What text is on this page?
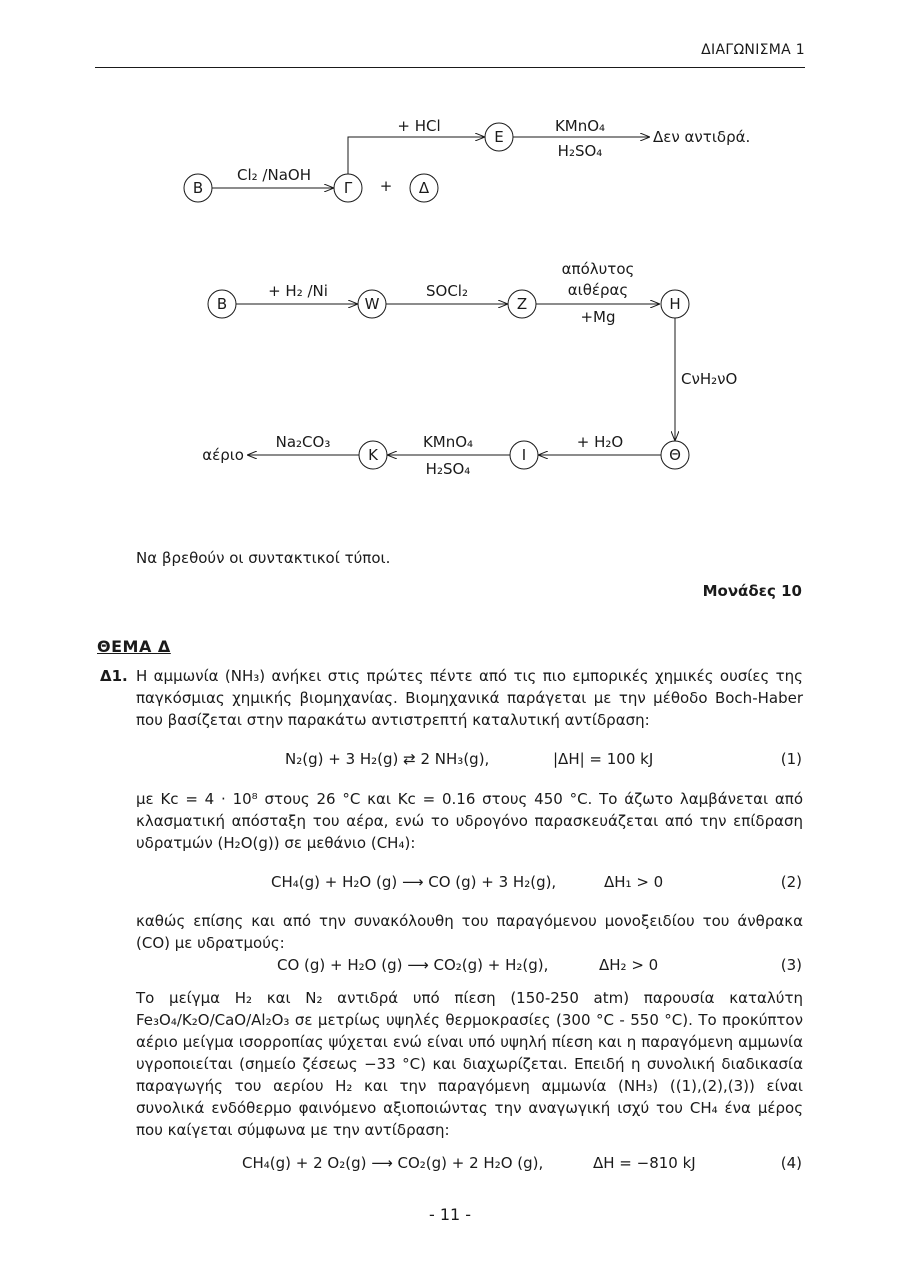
ΔΙΑΓΩΝΙΣΜΑ 1
B
Cl₂ /NaOH
Γ + Δ
+ HCl
E
KMnO₄
H₂SO₄
Δεν αντιδρά.
B
+ H₂ /Ni
W
SOCl₂
Z
απόλυτος
αιθέρας
+Mg
H
CνH₂νO
Θ
+ H₂O
I
KMnO₄
H₂SO₄
K
Na₂CO₃
αέριο
Να βρεθούν οι συντακτικοί τύποι.
Μονάδες 10
ΘΕΜΑ Δ
Δ1. Η αμμωνία (NH₃) ανήκει στις πρώτες πέντε από τις πιο εμπορικές χημικές ουσίες της παγκόσμιας χημικής βιομηχανίας. Βιομηχανικά παράγεται με την μέθοδο Boch-Haber που βασίζεται στην παρακάτω αντιστρεπτή καταλυτική αντίδραση:
N₂(g) + 3 H₂(g) ⇄ 2 NH₃(g),	|ΔH| = 100 kJ	(1)
με Kc = 4 · 10⁸ στους 26 °C και Kc = 0.16 στους 450 °C. Το άζωτο λαμβάνεται από κλασματική απόσταξη του αέρα, ενώ το υδρογόνο παρασκευάζεται από την επίδραση υδρατμών (H₂O(g)) σε μεθάνιο (CH₄):
CH₄(g) + H₂O (g) ⟶ CO (g) + 3 H₂(g),	ΔH₁ > 0	(2)
καθώς επίσης και από την συνακόλουθη του παραγόμενου μονοξειδίου του άνθρακα (CO) με υδρατμούς:
CO (g) + H₂O (g) ⟶ CO₂(g) + H₂(g),	ΔH₂ > 0	(3)
Το μείγμα H₂ και N₂ αντιδρά υπό πίεση (150-250 atm) παρουσία καταλύτη Fe₃O₄/K₂O/CaO/Al₂O₃ σε μετρίως υψηλές θερμοκρασίες (300 °C - 550 °C). Το προκύπτον αέριο μείγμα ισορροπίας ψύχεται ενώ είναι υπό υψηλή πίεση και η παραγόμενη αμμωνία υγροποιείται (σημείο ζέσεως −33 °C) και διαχωρίζεται. Επειδή η συνολική διαδικασία παραγωγής του αερίου H₂ και την παραγόμενη αμμωνία (NH₃) ((1),(2),(3)) είναι συνολικά ενδόθερμο φαινόμενο αξιοποιώντας την αναγωγική ισχύ του CH₄ ένα μέρος που καίγεται σύμφωνα με την αντίδραση:
CH₄(g) + 2 O₂(g) ⟶ CO₂(g) + 2 H₂O (g),	ΔH = −810 kJ	(4)
- 11 -
